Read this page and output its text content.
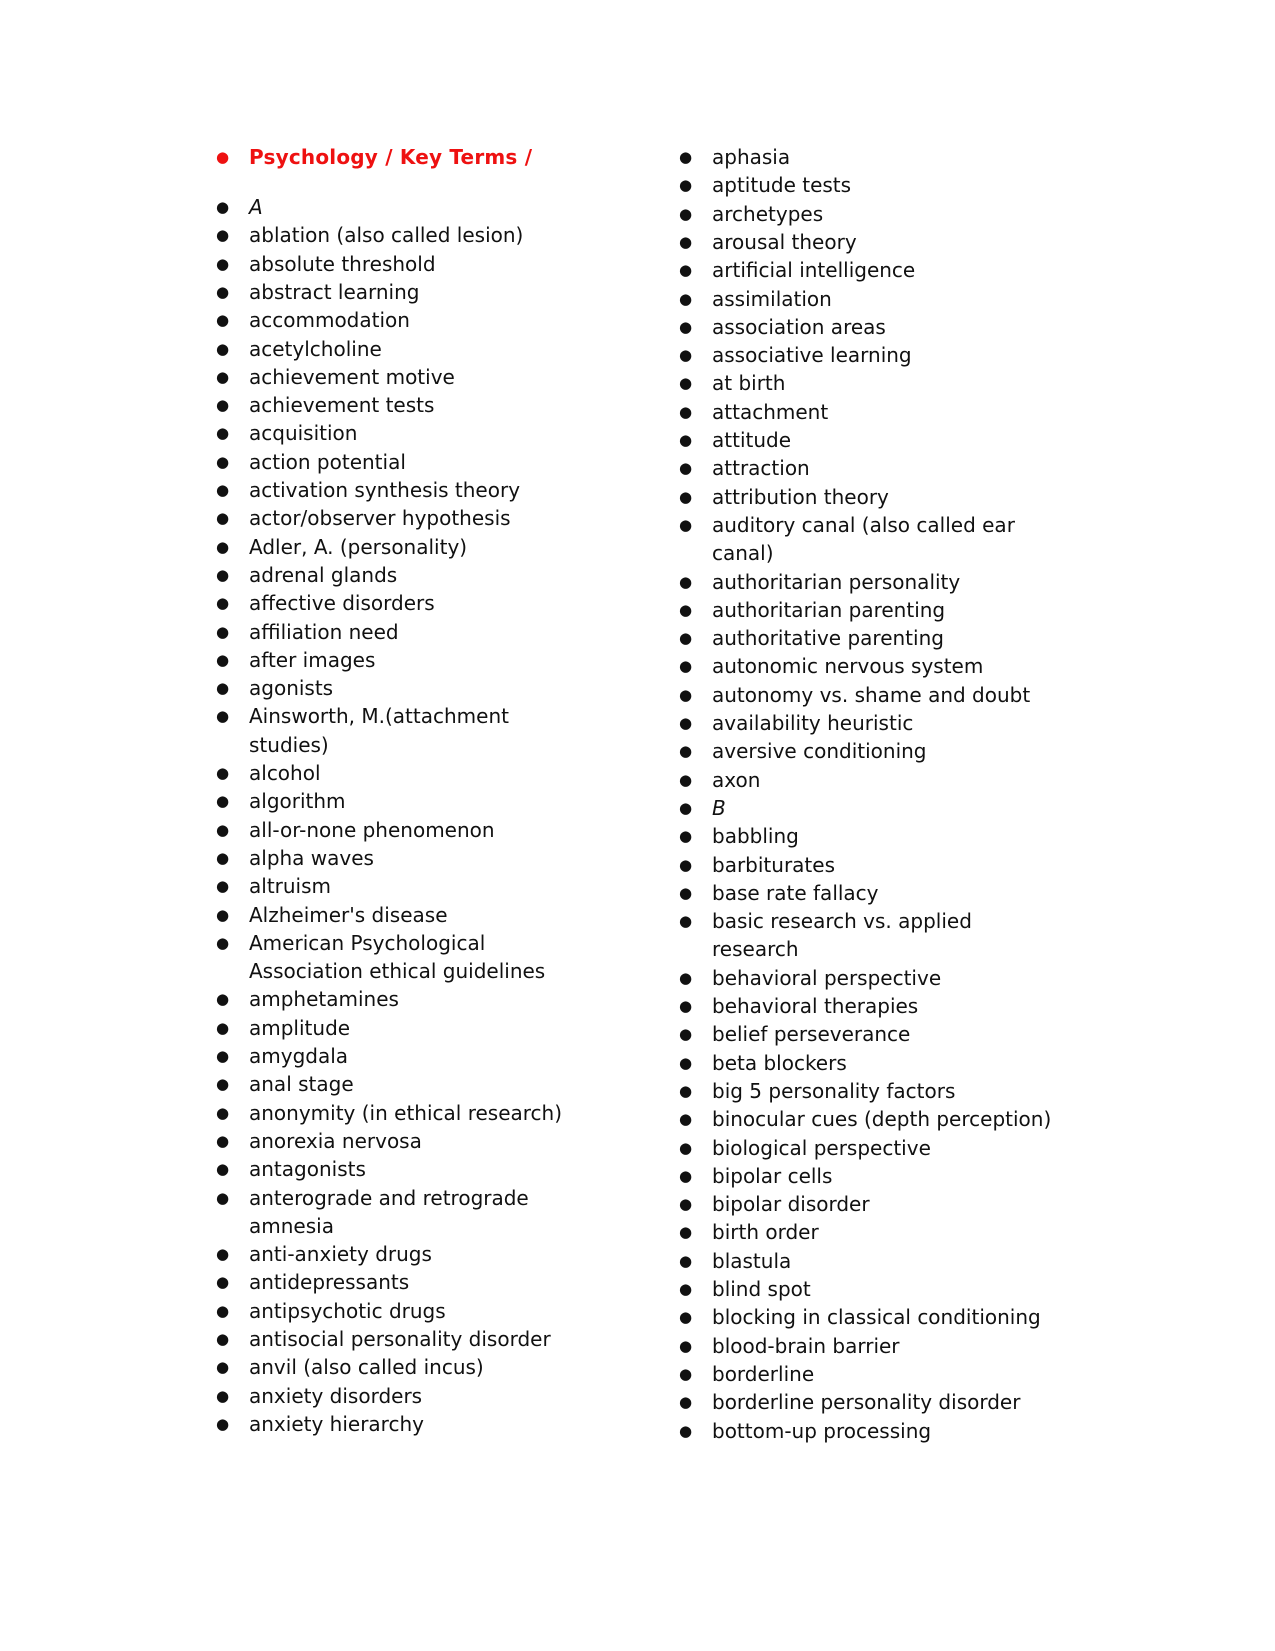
● Psychology / Key Terms /
● A
● ablation (also called lesion)
● absolute threshold
● abstract learning
● accommodation
● acetylcholine
● achievement motive
● achievement tests
● acquisition
● action potential
● activation synthesis theory
● actor/observer hypothesis
● Adler, A. (personality)
● adrenal glands
● affective disorders
● affiliation need
● after images
● agonists
● Ainsworth, M.(attachment
studies)
● alcohol
● algorithm
● all-or-none phenomenon
● alpha waves
● altruism
● Alzheimer's disease
● American Psychological
Association ethical guidelines
● amphetamines
● amplitude
● amygdala
● anal stage
● anonymity (in ethical research)
● anorexia nervosa
● antagonists
● anterograde and retrograde
amnesia
● anti-anxiety drugs
● antidepressants
● antipsychotic drugs
● antisocial personality disorder
● anvil (also called incus)
● anxiety disorders
● anxiety hierarchy
● aphasia
● aptitude tests
● archetypes
● arousal theory
● artificial intelligence
● assimilation
● association areas
● associative learning
● at birth
● attachment
● attitude
● attraction
● attribution theory
● auditory canal (also called ear
canal)
● authoritarian personality
● authoritarian parenting
● authoritative parenting
● autonomic nervous system
● autonomy vs. shame and doubt
● availability heuristic
● aversive conditioning
● axon
● B
● babbling
● barbiturates
● base rate fallacy
● basic research vs. applied
research
● behavioral perspective
● behavioral therapies
● belief perseverance
● beta blockers
● big 5 personality factors
● binocular cues (depth perception)
● biological perspective
● bipolar cells
● bipolar disorder
● birth order
● blastula
● blind spot
● blocking in classical conditioning
● blood-brain barrier
● borderline
● borderline personality disorder
● bottom-up processing
